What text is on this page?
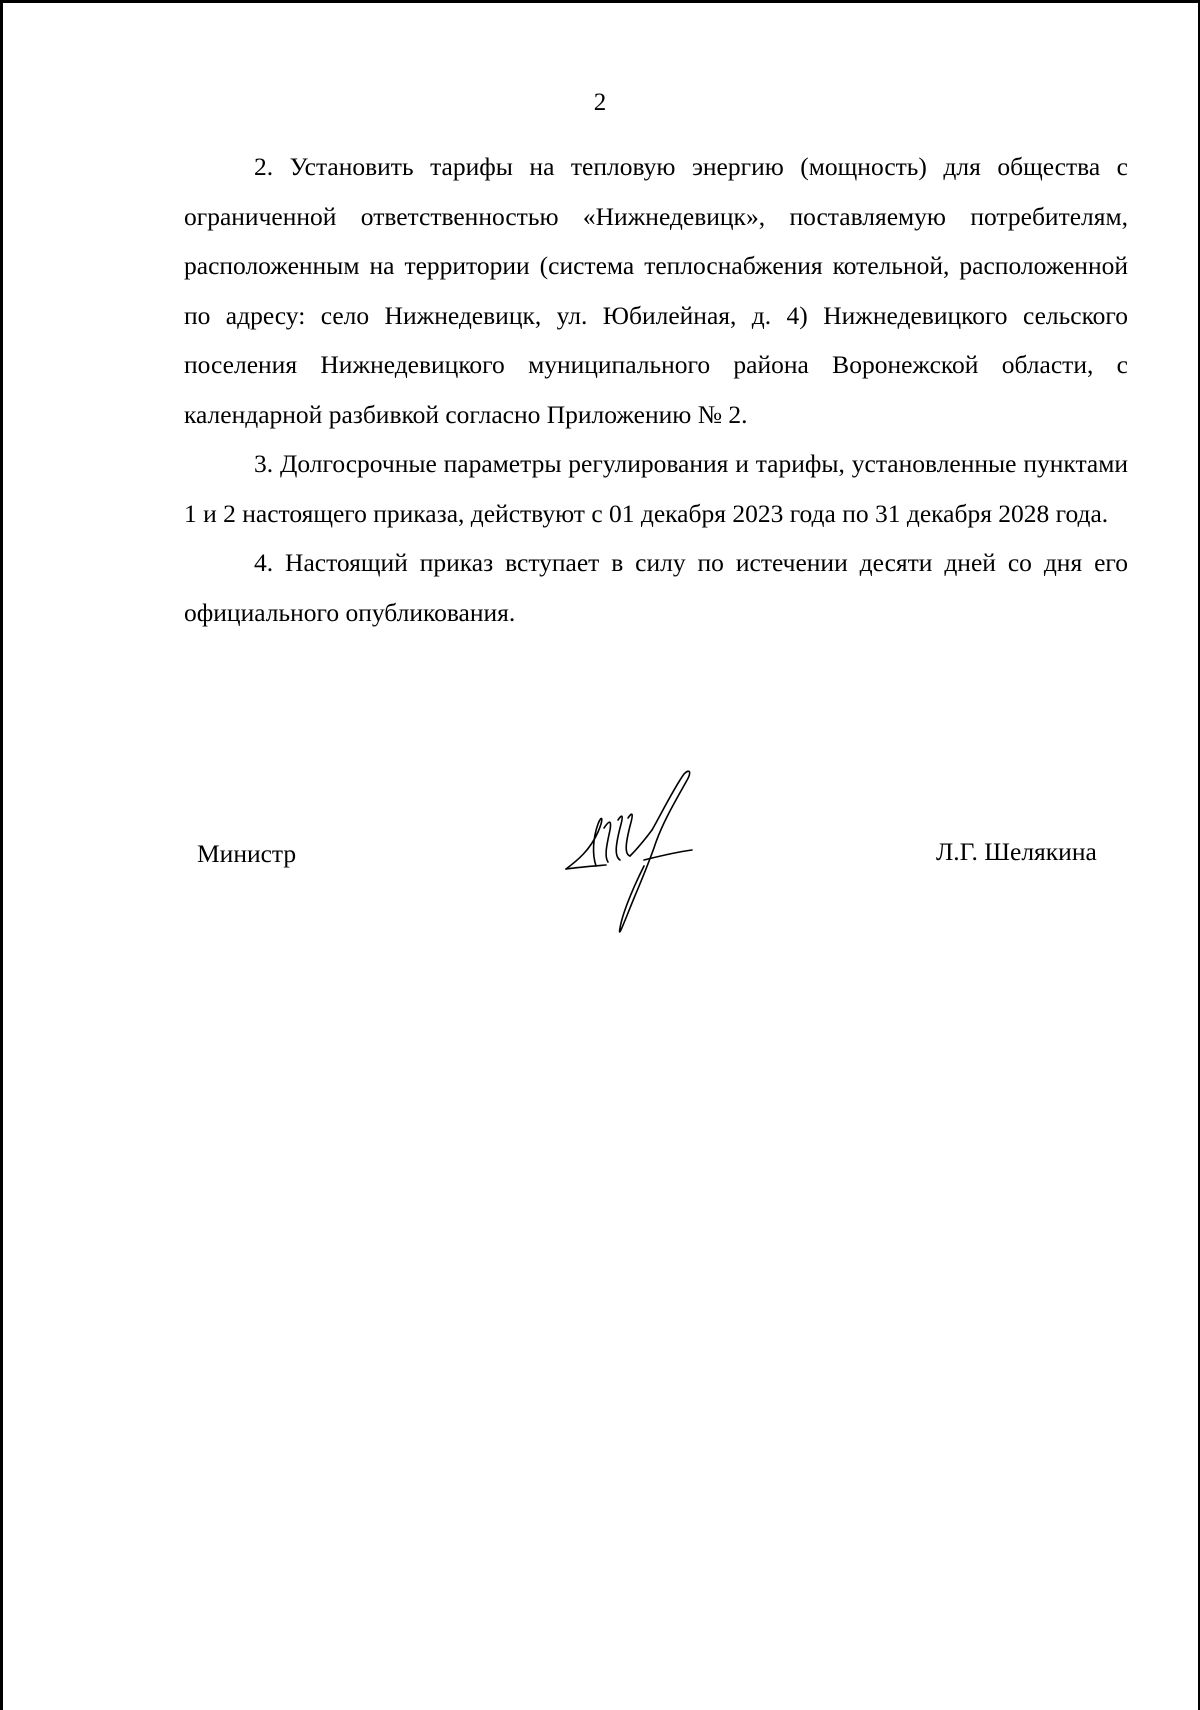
2

2. Установить тарифы на тепловую энергию (мощность) для общества с ограниченной ответственностью «Нижнедевицк», поставляемую потребителям, расположенным на территории (система теплоснабжения котельной, расположенной по адресу: село Нижнедевицк, ул. Юбилейная, д. 4) Нижнедевицкого сельского поселения Нижнедевицкого муниципального района Воронежской области, с календарной разбивкой согласно Приложению № 2.

3. Долгосрочные параметры регулирования и тарифы, установленные пунктами 1 и 2 настоящего приказа, действуют с 01 декабря 2023 года по 31 декабря 2028 года.

4. Настоящий приказ вступает в силу по истечении десяти дней со дня его официального опубликования.

Министр	Л.Г. Шелякина
